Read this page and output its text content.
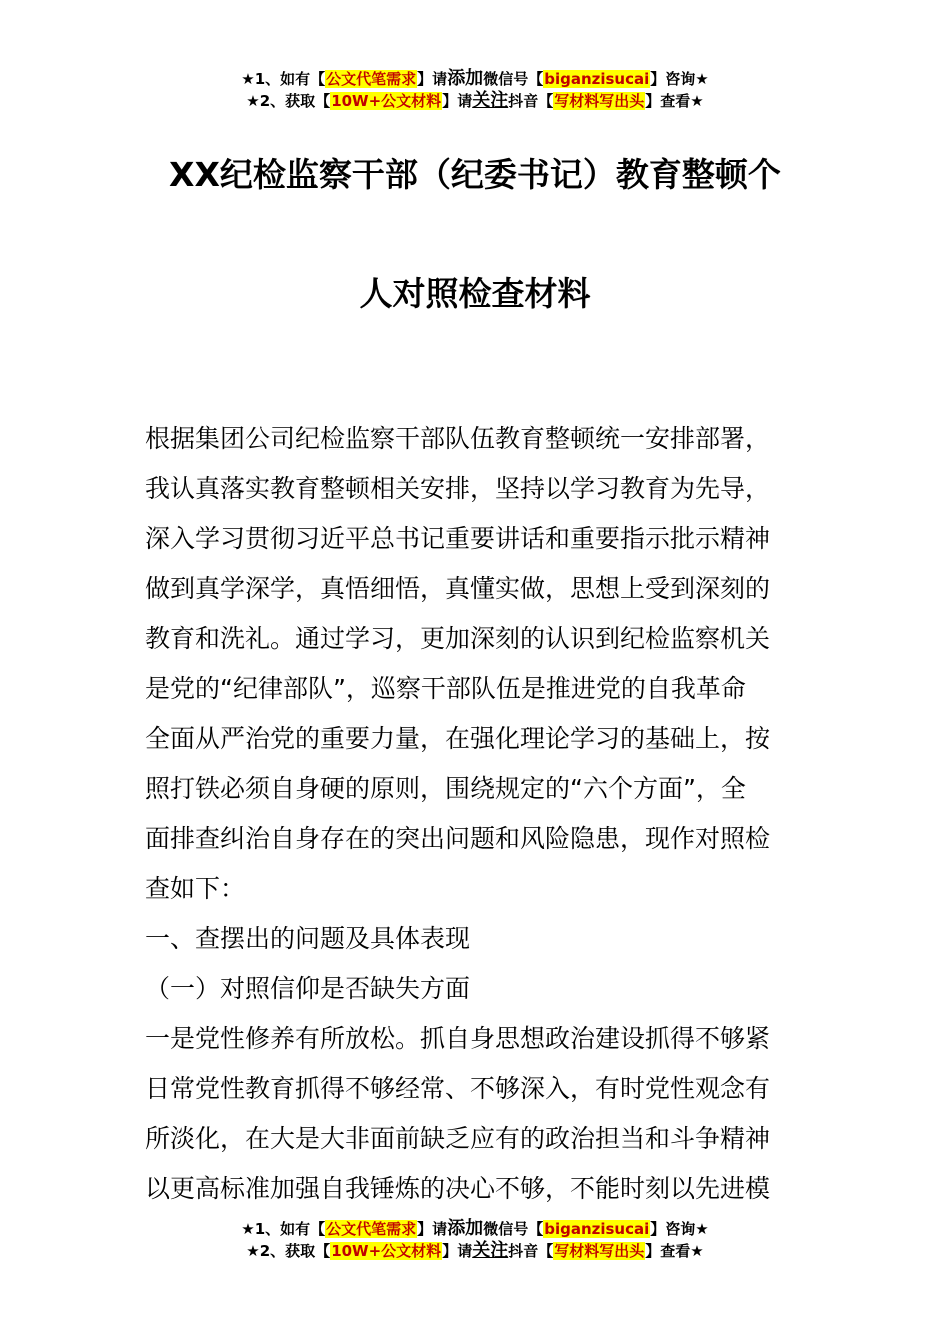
★1、如有【公文代笔需求】请添加微信号【biganzisucai】咨询★
★2、获取【10W+公文材料】请关注抖音【写材料写出头】查看★
XX纪检监察干部（纪委书记）教育整顿个
人对照检查材料
根据集团公司纪检监察干部队伍教育整顿统一安排部署，
我认真落实教育整顿相关安排，坚持以学习教育为先导，
深入学习贯彻习近平总书记重要讲话和重要指示批示精神
做到真学深学，真悟细悟，真懂实做，思想上受到深刻的
教育和洗礼。通过学习，更加深刻的认识到纪检监察机关
是党的“纪律部队”，巡察干部队伍是推进党的自我革命
全面从严治党的重要力量，在强化理论学习的基础上，按
照打铁必须自身硬的原则，围绕规定的“六个方面”，全
面排查纠治自身存在的突出问题和风险隐患，现作对照检
查如下：
一、查摆出的问题及具体表现
（一）对照信仰是否缺失方面
一是党性修养有所放松。抓自身思想政治建设抓得不够紧
日常党性教育抓得不够经常、不够深入，有时党性观念有
所淡化，在大是大非面前缺乏应有的政治担当和斗争精神
以更高标准加强自我锤炼的决心不够，不能时刻以先进模
★1、如有【公文代笔需求】请添加微信号【biganzisucai】咨询★
★2、获取【10W+公文材料】请关注抖音【写材料写出头】查看★
